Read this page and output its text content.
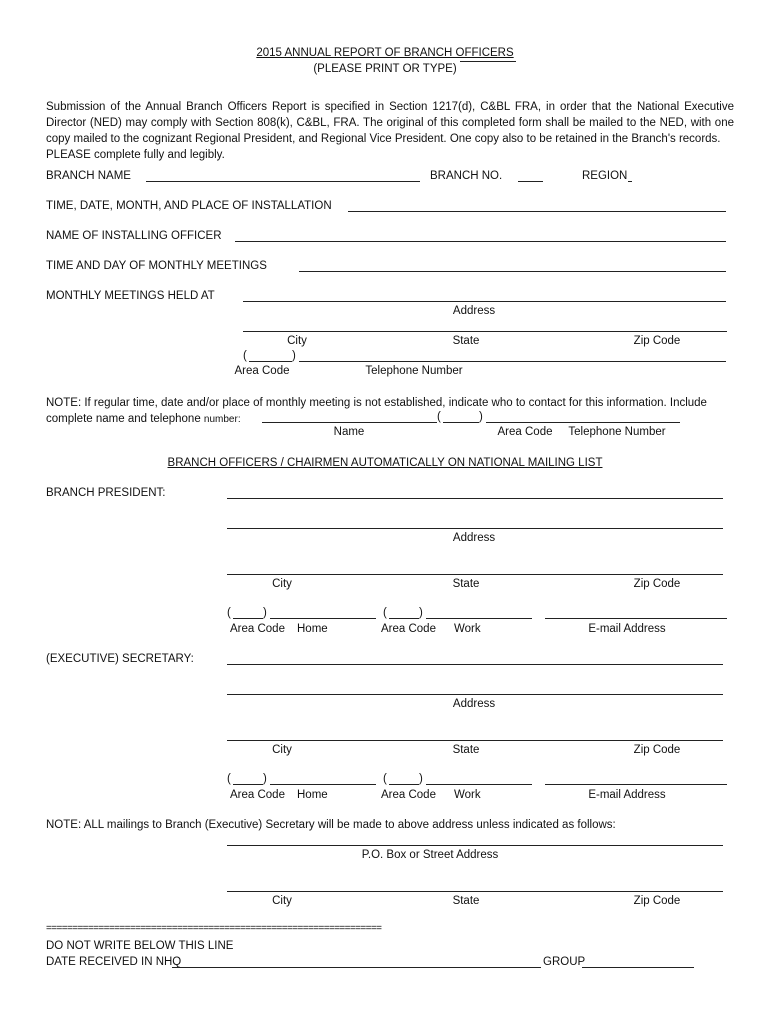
2015 ANNUAL REPORT OF BRANCH OFFICERS
(PLEASE PRINT OR TYPE)
Submission of the Annual Branch Officers Report is specified in Section 1217(d), C&BL FRA, in order that the National Executive Director (NED) may comply with Section 808(k), C&BL, FRA. The original of this completed form shall be mailed to the NED, with one copy mailed to the cognizant Regional President, and Regional Vice President. One copy also to be retained in the Branch's records.
PLEASE complete fully and legibly.
BRANCH NAME	BRANCH NO.	REGION
TIME, DATE, MONTH, AND PLACE OF INSTALLATION
NAME OF INSTALLING OFFICER
TIME AND DAY OF MONTHLY MEETINGS
MONTHLY MEETINGS HELD AT
Address
City	State	Zip Code
(	)
Area Code	Telephone Number
NOTE: If regular time, date and/or place of monthly meeting is not established, indicate who to contact for this information. Include complete name and telephone number:	(	)
Name	Area Code Telephone Number
BRANCH OFFICERS / CHAIRMEN AUTOMATICALLY ON NATIONAL MAILING LIST
BRANCH PRESIDENT:
Address
City	State	Zip Code
(	)	(	)
Area Code Home	Area Code Work	E-mail Address
(EXECUTIVE) SECRETARY:
Address
City	State	Zip Code
(	)	(	)
Area Code Home	Area Code Work	E-mail Address
NOTE: ALL mailings to Branch (Executive) Secretary will be made to above address unless indicated as follows:
P.O. Box or Street Address
City	State	Zip Code
================================================================
DO NOT WRITE BELOW THIS LINE
DATE RECEIVED IN NHQ	GROUP
